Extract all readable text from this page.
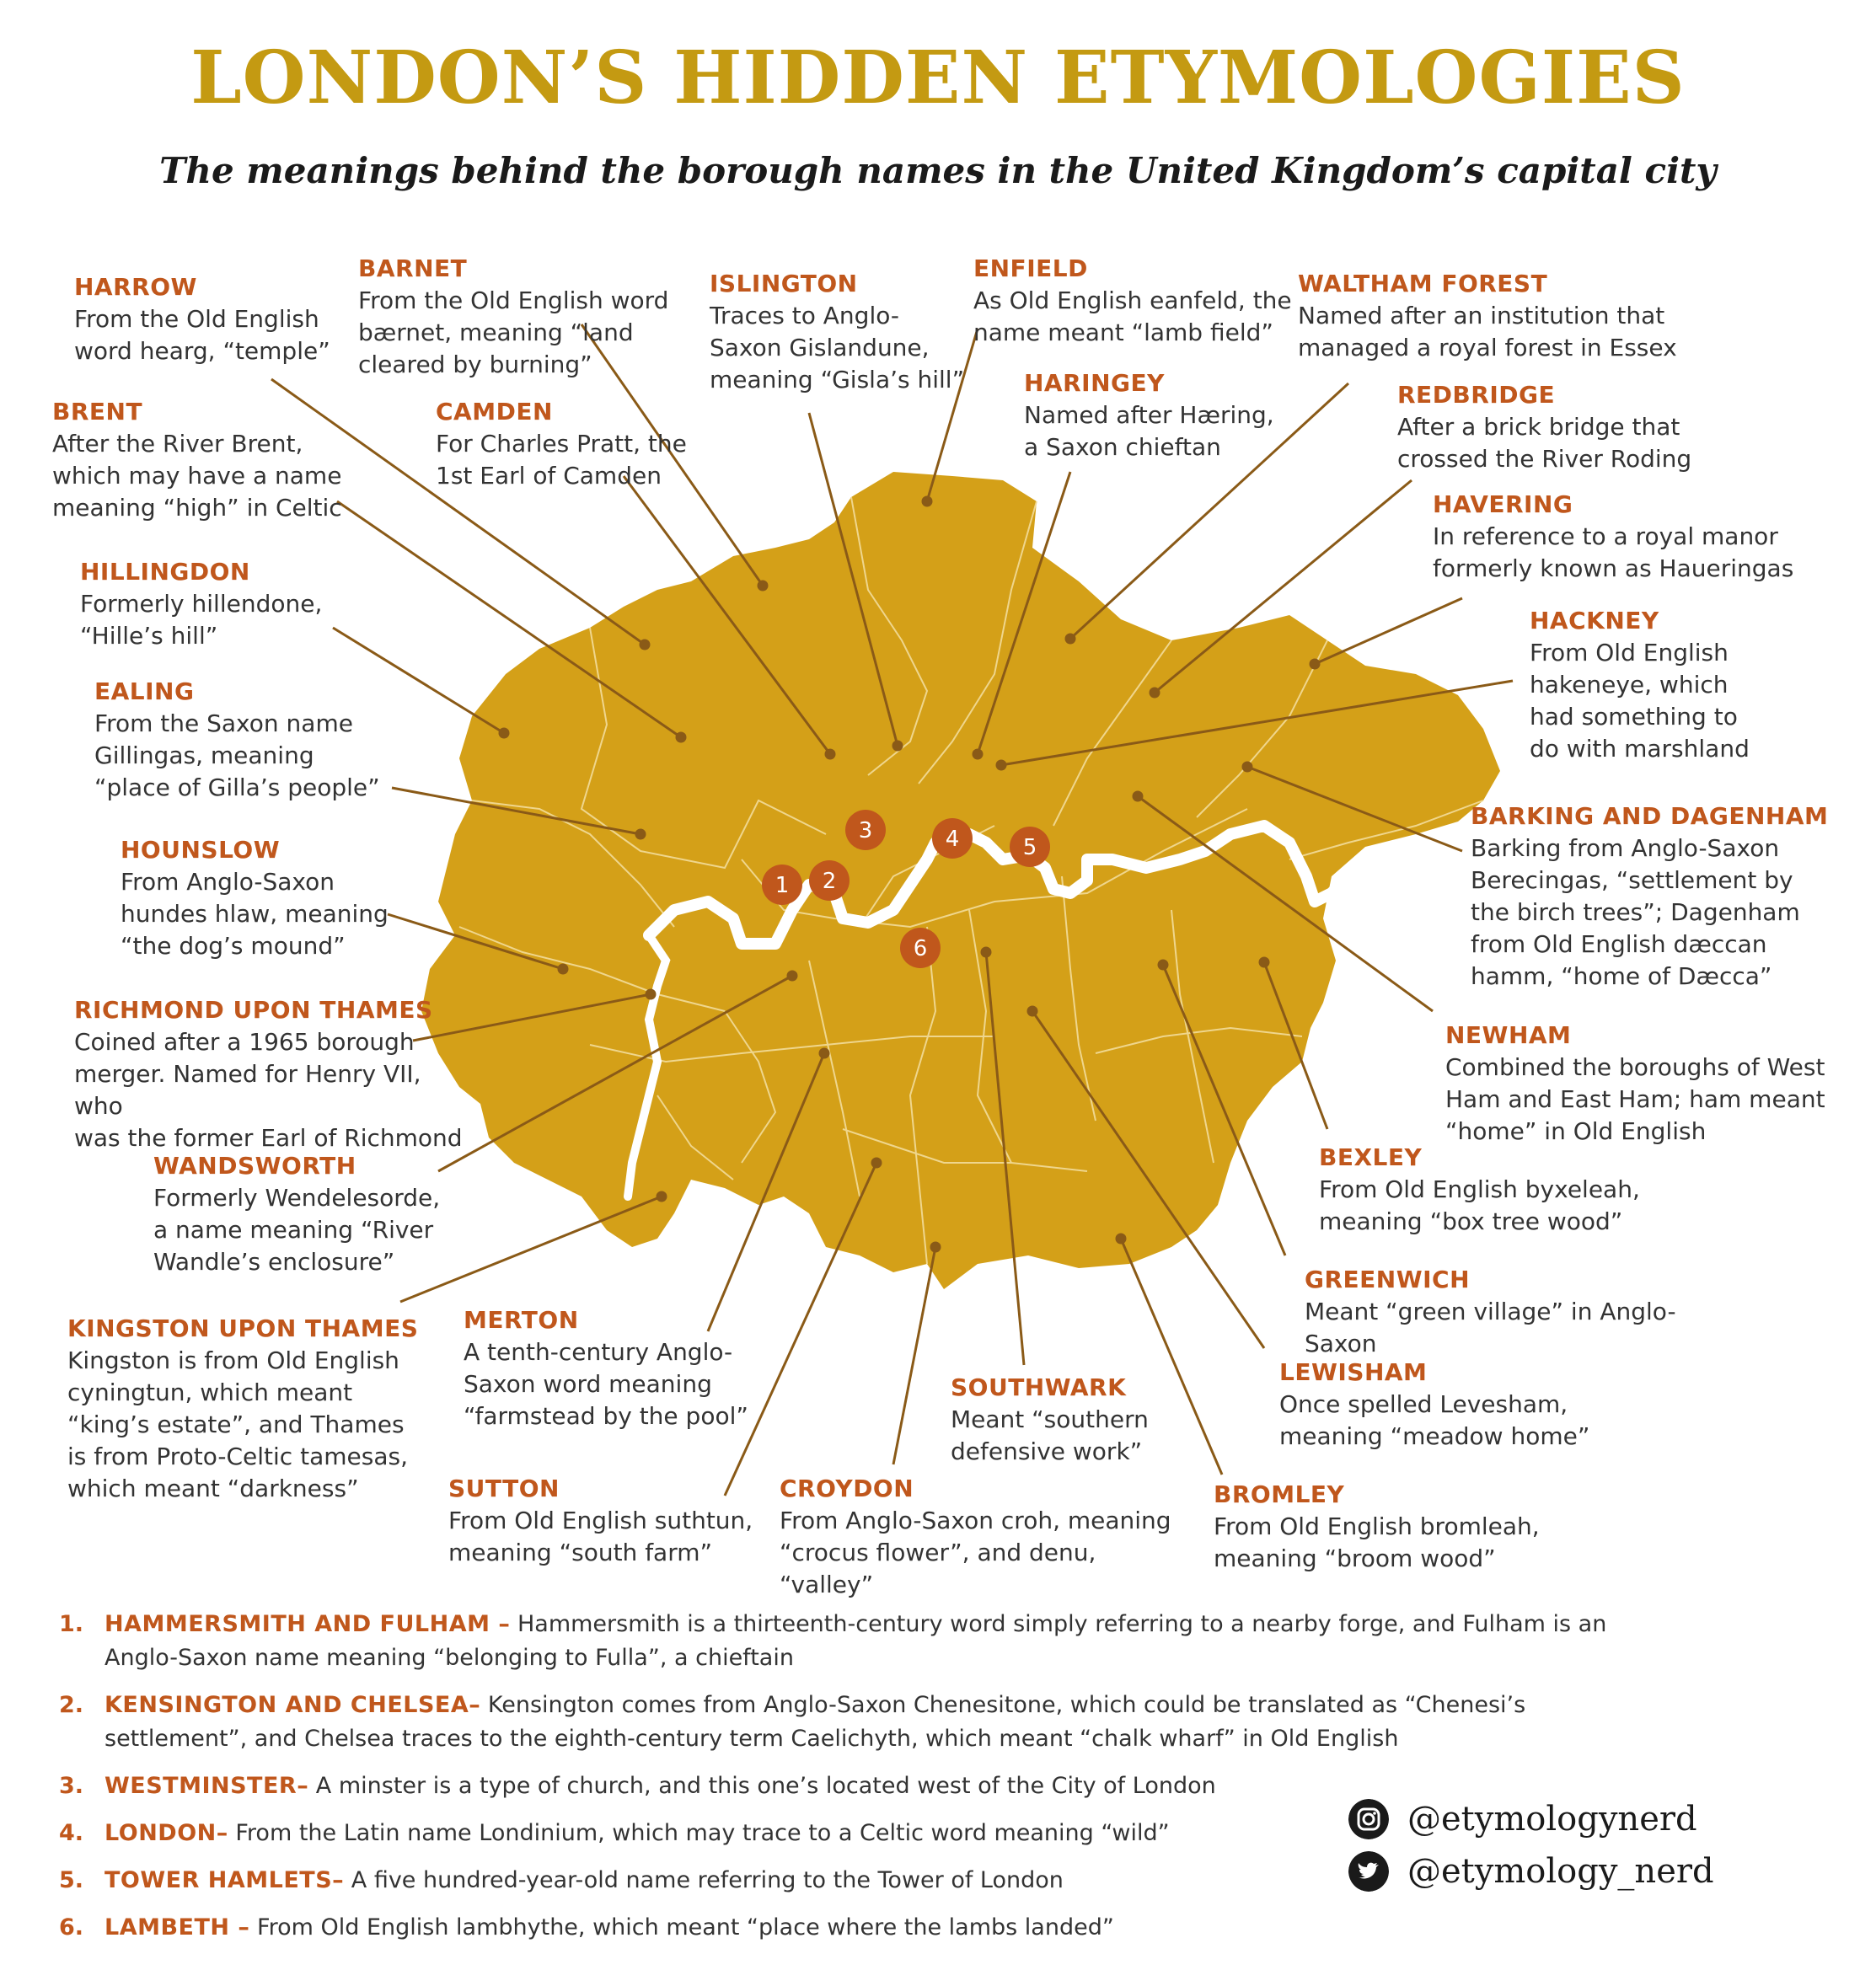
LONDON’S HIDDEN ETYMOLOGIES
The meanings behind the borough names in the United Kingdom’s capital city
1 2
3	4	5
6
HARROW
From the Old English
word hearg, “temple”
BARNET
From the Old English word
bærnet, meaning “land
cleared by burning”
ISLINGTON
Traces to Anglo-
Saxon Gislandune,
meaning “Gisla’s hill”
ENFIELD
As Old English eanfeld, the
name meant “lamb field”
WALTHAM FOREST
Named after an institution that
managed a royal forest in Essex
BRENT
After the River Brent,
which may have a name
meaning “high” in Celtic
CAMDEN
For Charles Pratt, the
1st Earl of Camden
HARINGEY
Named after Hæring,
a Saxon chieftan
REDBRIDGE
After a brick bridge that
crossed the River Roding
HAVERING
In reference to a royal manor
formerly known as Haueringas
HILLINGDON
Formerly hillendone,
“Hille’s hill”
HACKNEY
From Old English
hakeneye, which
had something to
do with marshland
EALING
From the Saxon name
Gillingas, meaning
“place of Gilla’s people”
BARKING AND DAGENHAM
Barking from Anglo-Saxon
Berecingas, “settlement by
the birch trees”; Dagenham
from Old English dæccan
hamm, “home of Dæcca”
HOUNSLOW
From Anglo-Saxon
hundes hlaw, meaning
“the dog’s mound”
RICHMOND UPON THAMES
Coined after a 1965 borough
merger. Named for Henry VII, who
was the former Earl of Richmond
NEWHAM
Combined the boroughs of West
Ham and East Ham; ham meant
“home” in Old English
WANDSWORTH
Formerly Wendelesorde,
a name meaning “River
Wandle’s enclosure”
BEXLEY
From Old English byxeleah,
meaning “box tree wood”
GREENWICH
Meant “green village” in Anglo-Saxon
KINGSTON UPON THAMES
Kingston is from Old English
cyningtun, which meant
“king’s estate”, and Thames
is from Proto-Celtic tamesas,
which meant “darkness”
MERTON
A tenth-century Anglo-
Saxon word meaning
“farmstead by the pool”
LEWISHAM
Once spelled Levesham,
meaning “meadow home”
SOUTHWARK
Meant “southern
defensive work”
SUTTON
From Old English suthtun,
meaning “south farm”
CROYDON
From Anglo-Saxon croh, meaning
“crocus flower”, and denu, “valley”
BROMLEY
From Old English bromleah,
meaning “broom wood”
1. HAMMERSMITH AND FULHAM – Hammersmith is a thirteenth-century word simply referring to a nearby forge, and Fulham is an Anglo-Saxon name meaning “belonging to Fulla”, a chieftain
2. KENSINGTON AND CHELSEA– Kensington comes from Anglo-Saxon Chenesitone, which could be translated as “Chenesi’s settlement”, and Chelsea traces to the eighth-century term Caelichyth, which meant “chalk wharf” in Old English
3. WESTMINSTER– A minster is a type of church, and this one’s located west of the City of London
4. LONDON– From the Latin name Londinium, which may trace to a Celtic word meaning “wild”
5. TOWER HAMLETS– A five hundred-year-old name referring to the Tower of London
6. LAMBETH – From Old English lambhythe, which meant “place where the lambs landed”
@etymologynerd
@etymology_nerd
